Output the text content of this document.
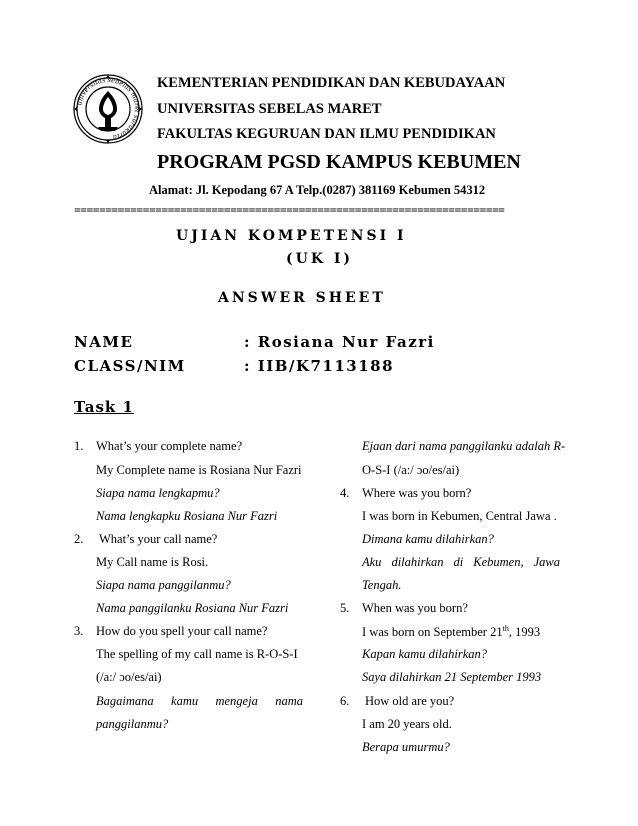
universitas sebelas maret surakarta
KEMENTERIAN PENDIDIKAN DAN KEBUDAYAAN
UNIVERSITAS SEBELAS MARET
FAKULTAS KEGURUAN DAN ILMU PENDIDIKAN
PROGRAM PGSD KAMPUS KEBUMEN
Alamat: Jl. Kepodang 67 A Telp.(0287) 381169 Kebumen 54312
=====================================================================
UJIAN KOMPETENSI I
(UK I)
ANSWER SHEET
NAME	: Rosiana Nur Fazri
CLASS/NIM	: IIB/K7113188
Task 1
1. What’s your complete name?
My Complete name is Rosiana Nur Fazri
Siapa nama lengkapmu?
Nama lengkapku Rosiana Nur Fazri
2. What’s your call name?
My Call name is Rosi.
Siapa nama panggilanmu?
Nama panggilanku Rosiana Nur Fazri
3. How do you spell your call name?
The spelling of my call name is R-O-S-I
(/a:/ ɔo/es/ai)
Bagaimana kamu mengeja nama
panggilanmu?
Ejaan dari nama panggilanku adalah R-
O-S-I (/a:/ ɔo/es/ai)
4. Where was you born?
I was born in Kebumen, Central Jawa .
Dimana kamu dilahirkan?
Aku dilahirkan di Kebumen, Jawa
Tengah.
5. When was you born?
I was born on September 21th, 1993
Kapan kamu dilahirkan?
Saya dilahirkan 21 September 1993
6. How old are you?
I am 20 years old.
Berapa umurmu?
